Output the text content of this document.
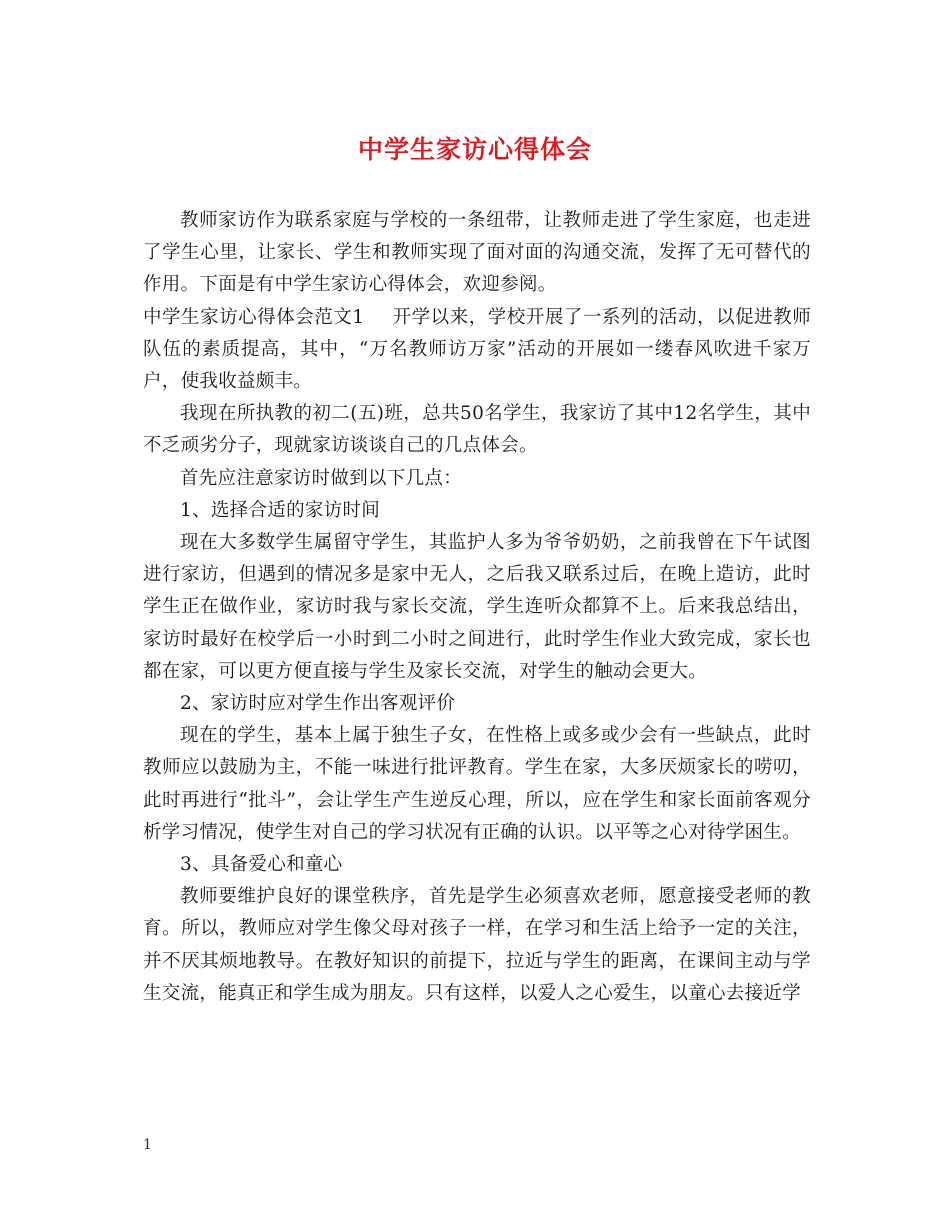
中学生家访心得体会

教师家访作为联系家庭与学校的一条纽带，让教师走进了学生家庭，也走进了学生心里，让家长、学生和教师实现了面对面的沟通交流，发挥了无可替代的作用。下面是有中学生家访心得体会，欢迎参阅。

中学生家访心得体会范文1 开学以来，学校开展了一系列的活动，以促进教师队伍的素质提高，其中，“万名教师访万家”活动的开展如一缕春风吹进千家万户，使我收益颇丰。

我现在所执教的初二(五)班，总共50名学生，我家访了其中12名学生，其中不乏顽劣分子，现就家访谈谈自己的几点体会。

首先应注意家访时做到以下几点：

1、选择合适的家访时间

现在大多数学生属留守学生，其监护人多为爷爷奶奶，之前我曾在下午试图进行家访，但遇到的情况多是家中无人，之后我又联系过后，在晚上造访，此时学生正在做作业，家访时我与家长交流，学生连听众都算不上。后来我总结出，家访时最好在校学后一小时到二小时之间进行，此时学生作业大致完成，家长也都在家，可以更方便直接与学生及家长交流，对学生的触动会更大。

2、家访时应对学生作出客观评价

现在的学生，基本上属于独生子女，在性格上或多或少会有一些缺点，此时教师应以鼓励为主，不能一味进行批评教育。学生在家，大多厌烦家长的唠叨，此时再进行“批斗”，会让学生产生逆反心理，所以，应在学生和家长面前客观分析学习情况，使学生对自己的学习状况有正确的认识。以平等之心对待学困生。

3、具备爱心和童心

教师要维护良好的课堂秩序，首先是学生必须喜欢老师，愿意接受老师的教育。所以，教师应对学生像父母对孩子一样，在学习和生活上给予一定的关注，并不厌其烦地教导。在教好知识的前提下，拉近与学生的距离，在课间主动与学生交流，能真正和学生成为朋友。只有这样，以爱人之心爱生，以童心去接近学

1
